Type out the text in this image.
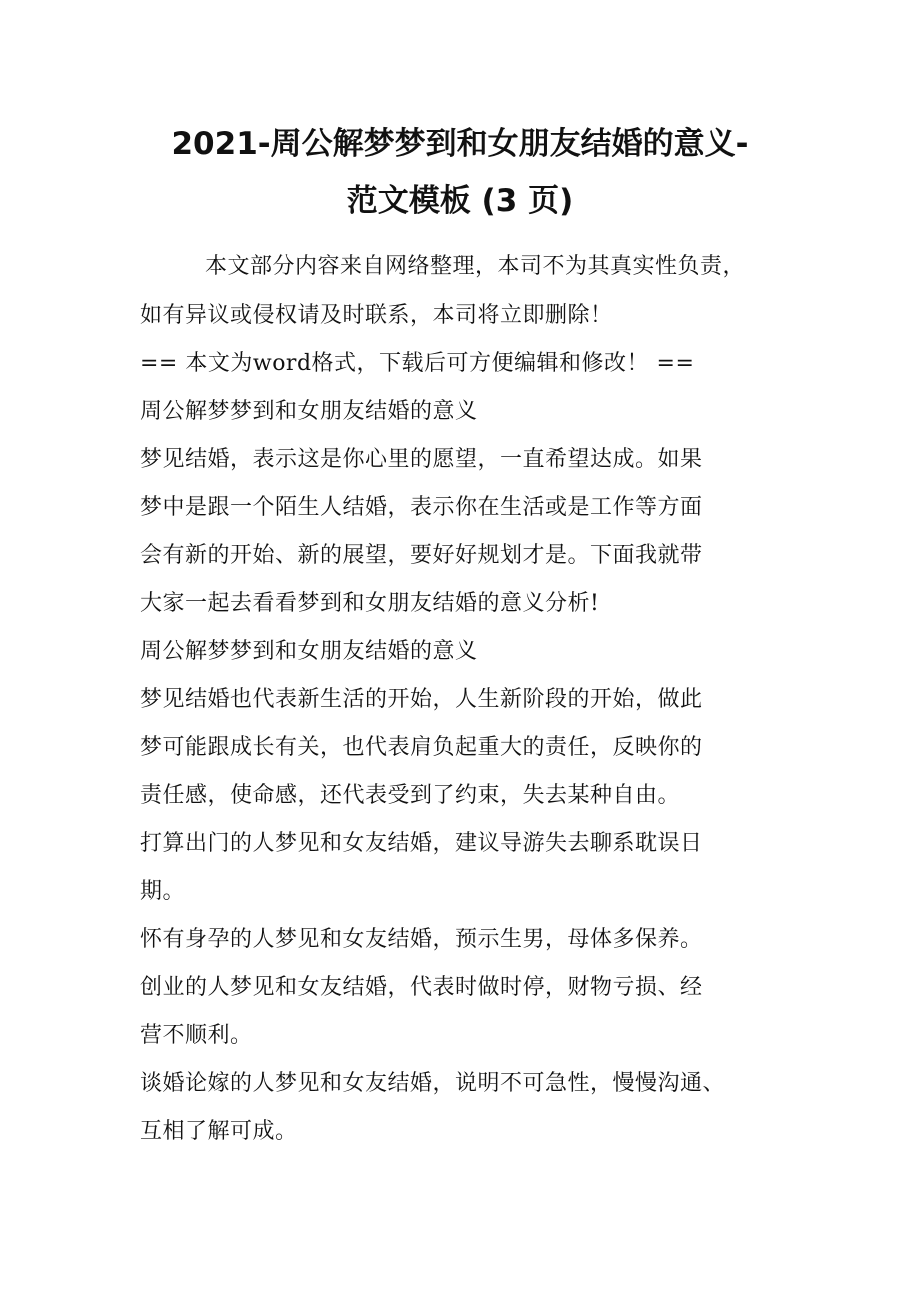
2021-周公解梦梦到和女朋友结婚的意义-
范文模板 (3 页)
本文部分内容来自网络整理，本司不为其真实性负责，
如有异议或侵权请及时联系，本司将立即删除！
== 本文为word格式，下载后可方便编辑和修改！ ==
周公解梦梦到和女朋友结婚的意义
梦见结婚，表示这是你心里的愿望，一直希望达成。如果
梦中是跟一个陌生人结婚，表示你在生活或是工作等方面
会有新的开始、新的展望，要好好规划才是。下面我就带
大家一起去看看梦到和女朋友结婚的意义分析!
周公解梦梦到和女朋友结婚的意义
梦见结婚也代表新生活的开始，人生新阶段的开始，做此
梦可能跟成长有关，也代表肩负起重大的责任，反映你的
责任感，使命感，还代表受到了约束，失去某种自由。
打算出门的人梦见和女友结婚，建议导游失去聊系耽误日
期。
怀有身孕的人梦见和女友结婚，预示生男，母体多保养。
创业的人梦见和女友结婚，代表时做时停，财物亏损、经
营不顺利。
谈婚论嫁的人梦见和女友结婚，说明不可急性，慢慢沟通、
互相了解可成。
